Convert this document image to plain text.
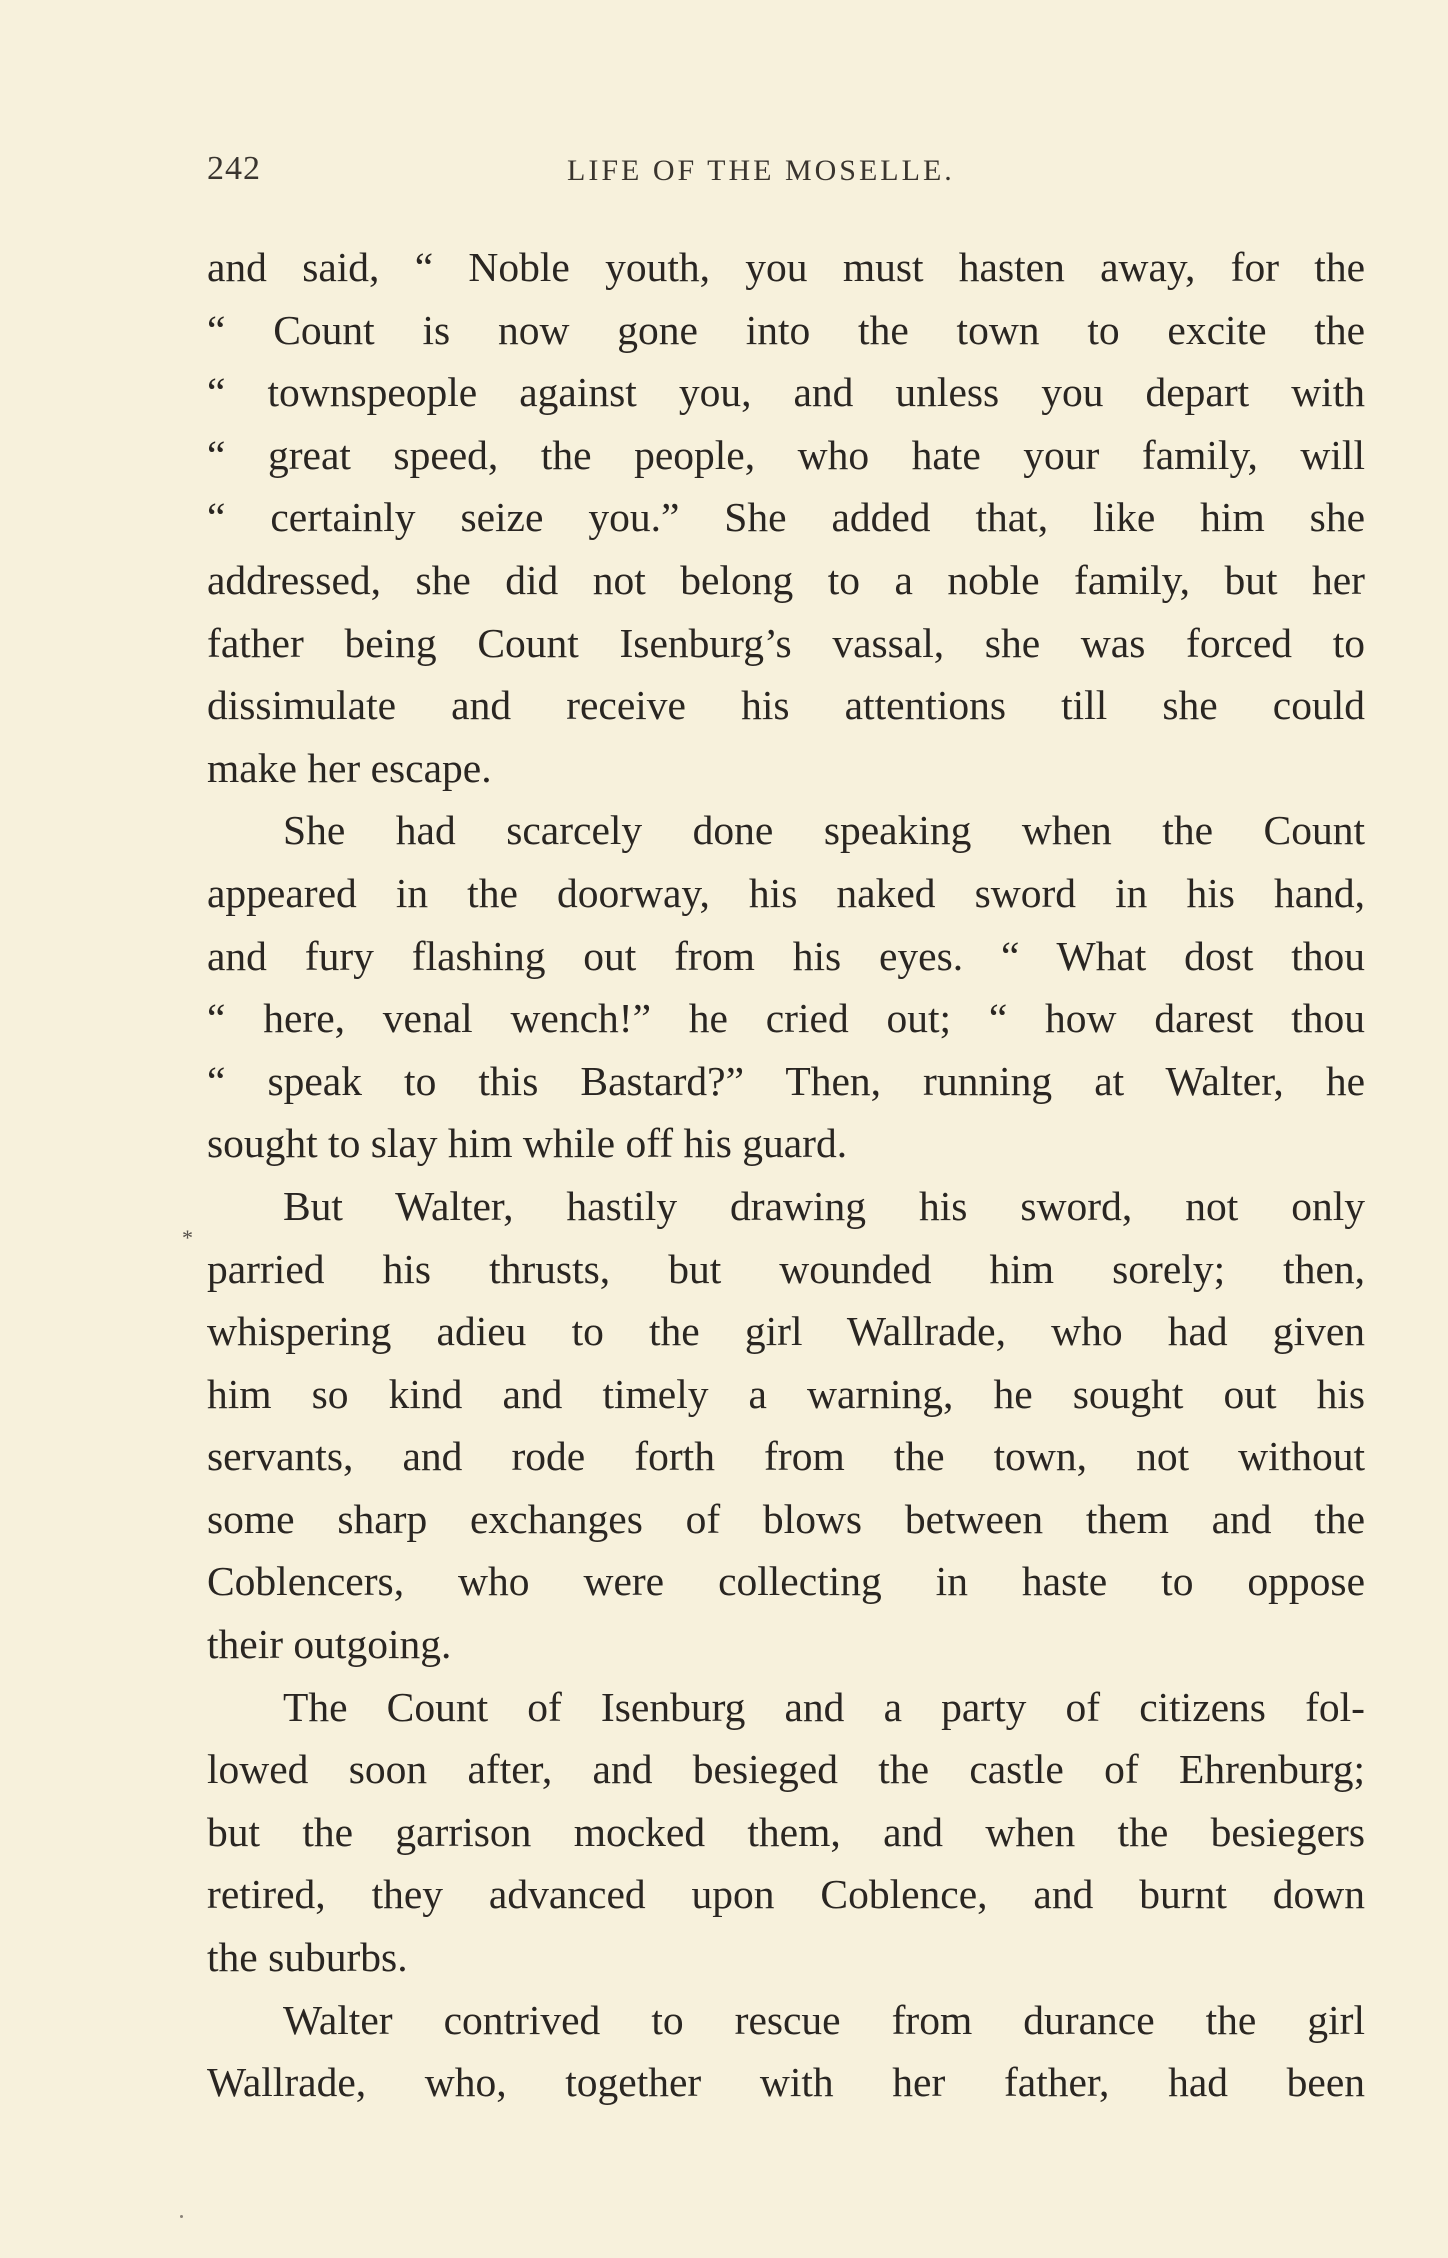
242	LIFE OF THE MOSELLE.
*
and said, “ Noble youth, you must hasten away, for the
“ Count is now gone into the town to excite the
“ townspeople against you, and unless you depart with
“ great speed, the people, who hate your family, will
“ certainly seize you.” She added that, like him she
addressed, she did not belong to a noble family, but her
father being Count Isenburg’s vassal, she was forced to
dissimulate and receive his attentions till she could
make her escape.
She had scarcely done speaking when the Count
appeared in the doorway, his naked sword in his hand,
and fury flashing out from his eyes. “ What dost thou
“ here, venal wench!” he cried out; “ how darest thou
“ speak to this Bastard?” Then, running at Walter, he
sought to slay him while off his guard.
But Walter, hastily drawing his sword, not only
parried his thrusts, but wounded him sorely; then,
whispering adieu to the girl Wallrade, who had given
him so kind and timely a warning, he sought out his
servants, and rode forth from the town, not without
some sharp exchanges of blows between them and the
Coblencers, who were collecting in haste to oppose
their outgoing.
The Count of Isenburg and a party of citizens fol-
lowed soon after, and besieged the castle of Ehrenburg;
but the garrison mocked them, and when the besiegers
retired, they advanced upon Coblence, and burnt down
the suburbs.
Walter contrived to rescue from durance the girl
Wallrade, who, together with her father, had been
